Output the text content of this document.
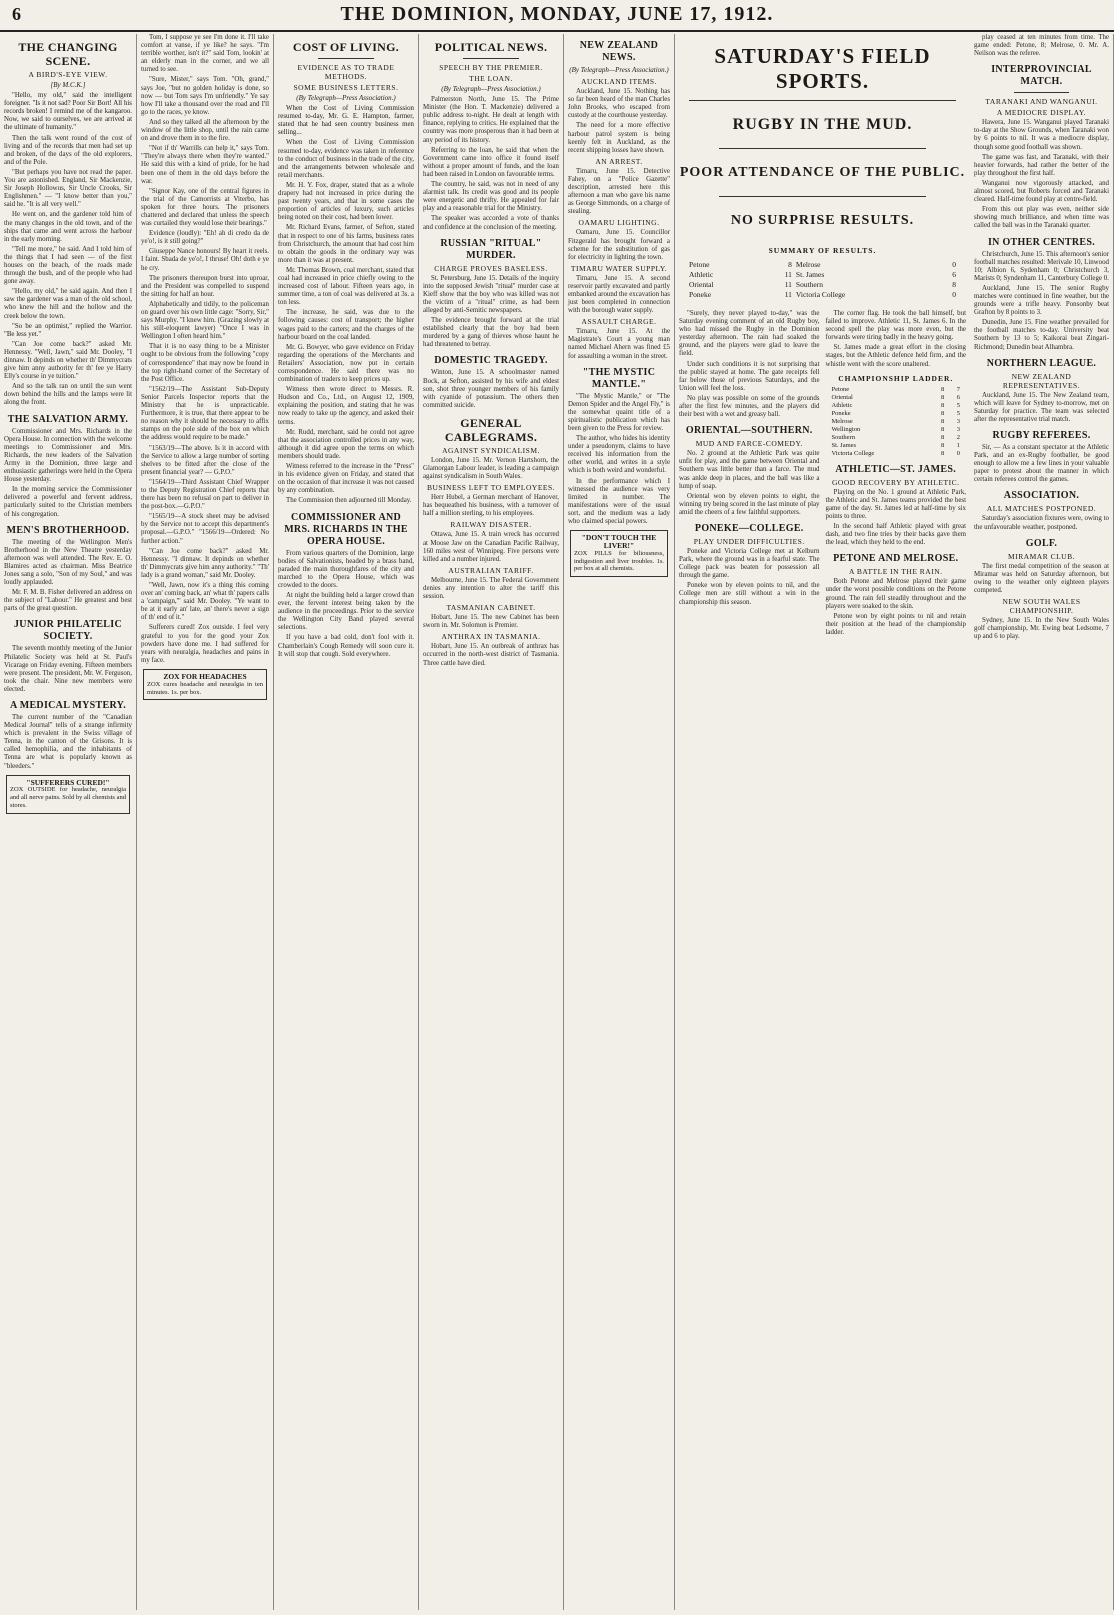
6	THE DOMINION, MONDAY, JUNE 17, 1912.
THE CHANGING SCENE.
A BIRD'S-EYE VIEW.
[By M.C.K.]

"Hello, my old," said the intelligent foreigner. "Is it not sad? Poor Sir Bort! All his records broken! I remind me of the kangaroo. Now, we said to ourselves, we are arrived at the ultimate of humanity."

Then the talk went round of the cost of living and of the records that men had set up and broken, of the days of the old explorers, and of the Pole.

"But perhaps you have not read the paper. You are astonished. England, Sir Mackenzie, Sir Joseph Hollowus, Sir Uncle Crooks, Sir Englishmen." — "I know better than you," said he. "It is all very well."

He went on, and the gardener told him of the many changes in the old town, and of the ships that came and went across the harbour in the early morning.

"Tell me more," he said. And I told him of the things that I had seen — of the first houses on the beach, of the roads made through the bush, and of the people who had gone away.

"Hello, my old," he said again. And then I saw the gardener was a man of the old school, who knew the hill and the hollow and the creek below the town.

"So be an optimist," replied the Warrior. "Be less yet."

"Can Joe come back?" asked Mr. Hennessy. "Well, Jawn," said Mr. Dooley, "I dinnaw. It depinds on whether th' Dimmycrats give him anny authority fer th' fee ye Harry Elly's course in ye tuition."

And so the talk ran on until the sun went down behind the hills and the lamps were lit along the front.

THE SALVATION ARMY.

Commissioner and Mrs. Richards in the Opera House. In connection with the welcome meetings to Commissioner and Mrs. Richards, the new leaders of the Salvation Army in the Dominion, three large and enthusiastic gatherings were held in the Opera House yesterday.

In the morning service the Commissioner delivered a powerful and fervent address, particularly suited to the Christian members of his congregation.

MEN'S BROTHERHOOD.

The meeting of the Wellington Men's Brotherhood in the New Theatre yesterday afternoon was well attended. The Rev. E. O. Blamires acted as chairman. Miss Beatrice Jones sang a solo, "Son of my Soul," and was loudly applauded.

Mr. F. M. B. Fisher delivered an address on the subject of "Labour." He greatest and best parts of the great question.

JUNIOR PHILATELIC SOCIETY.

The seventh monthly meeting of the Junior Philatelic Society was held at St. Paul's Vicarage on Friday evening. Fifteen members were present. The president, Mr. W. Ferguson, took the chair. Nine new members were elected.

A MEDICAL MYSTERY.

The current number of the "Canadian Medical Journal" tells of a strange infirmity which is prevalent in the Swiss village of Tenna, in the canton of the Grisons. It is called hemophilia, and the inhabitants of Tenna are what is popularly known as "bleeders."

"SUFFERERS CURED!"
ZOX OUTSIDE for headache, neuralgia and all nerve pains. Sold by all chemists and stores.

Tom, I suppose ye see I'm done it. I'll take comfort at vanse, if ye like? he says. "I'm terrible worther, isn't it?" said Tom, lookin' at an elderly man in the corner, and we all turned to see.

"Sure, Mister," says Tom. "Oh, grand," says Joe, "but no golden holiday is done, so now — but Tom says I'm unfriendly." Ye say how I'll take a thousand over the road and I'll go to the races, ye know.

And so they talked all the afternoon by the window of the little shop, until the rain came on and drove them in to the fire.

"Not if th' Warrills can help it," says Tom. "They're always there when they're wanted." He said this with a kind of pride, for he had been one of them in the old days before the war.

"Signor Kay, one of the central figures in the trial of the Camorrists at Viterbo, has spoken for three hours. The prisoners chattered and declared that unless the speech was curtailed they would lose their bearings."

Evidence (loudly): "Eh! ah di credo da de ye'o!, is it still going?"

Giuseppe Nance honours! By heart it reels. I faint. Sbada de ye'o!, I thruse! Oh! doth e ye he cry.

The prisoners thereupon burst into uproar, and the President was compelled to suspend the sitting for half an hour.

Alphabetically and tidily, to the policeman on guard over his own little cage: "Sorry, Sir," says Murphy. "I knew him. (Grazing slowly at his still-eloquent lawyer) "Once I was in Wellington I often heard him."

That it is no easy thing to be a Minister ought to be obvious from the following "copy of correspondence" that may now be found in the top right-hand corner of the Secretary of the Post Office.

"1562/19—The Assistant Sub-Deputy Senior Parcels Inspector reports that the Ministry that he is unpracticable. Furthermore, it is true, that there appear to be no reason why it should be necessary to affix stamps on the pole side of the box on which the address would require to be made."

"1563/19—The above. Is it in accord with the Service to allow a large number of sorting shelves to be fitted after the close of the present financial year? — G.P.O."

"1564/19—Third Assistant Chief Wrapper to the Deputy Registration Chief reports that there has been no refusal on part to deliver in the post-box.—G.P.O."

"1565/19—A stock sheet may be advised by the Service not to accept this department's proposal.—G.P.O." "1566/19—Ordered: No further action."

"Can Joe come back?" asked Mr. Hennessy. "I dinnaw. It depinds on whether th' Dimmycrats give him anny authority." "Th' lady is a grand woman," said Mr. Dooley.

"Well, Jawn, now it's a thing this coming over an' coming back, an' what th' papers calls a 'campaign,'" said Mr. Dooley. "Ye want to be at it early an' late, an' there's never a sign of th' end of it."

Sufferers cured! Zox outside. I feel very grateful to you for the good your Zox powders have done me. I had suffered for years with neuralgia, headaches and pains in my face.

ZOX FOR HEADACHES
ZOX cures headache and neuralgia in ten minutes. 1s. per box.
COST OF LIVING.
EVIDENCE AS TO TRADE METHODS.
SOME BUSINESS LETTERS.
(By Telegraph—Press Association.)

When the Cost of Living Commission resumed to-day, Mr. G. E. Hampton, farmer, stated that he had seen country business men selling...

When the Cost of Living Commission resumed to-day, evidence was taken in reference to the conduct of business in the trade of the city, and the arrangements between wholesale and retail merchants.

Mr. H. Y. Fox, draper, stated that as a whole drapery had not increased in price during the past twenty years, and that in some cases the proportion of articles of luxury, such articles being noted on their cost, had been lower.

Mr. Richard Evans, farmer, of Sefton, stated that in respect to one of his farms, business rates from Christchurch, the amount that had cost him to obtain the goods in the ordinary way was more than it was at present.

Mr. Thomas Brown, coal merchant, stated that coal had increased in price chiefly owing to the increased cost of labour. Fifteen years ago, in summer time, a ton of coal was delivered at 3s. a ton less.

The increase, he said, was due to the following causes: cost of transport; the higher wages paid to the carters; and the charges of the harbour board on the coal landed.

Mr. G. Bowyer, who gave evidence on Friday regarding the operations of the Merchants and Retailers' Association, now put in certain correspondence. He said there was no combination of traders to keep prices up.

Witness then wrote direct to Messrs. R. Hudson and Co., Ltd., on August 12, 1909, explaining the position, and stating that he was now ready to take up the agency, and asked their terms.

Mr. Rudd, merchant, said he could not agree that the association controlled prices in any way, although it did agree upon the terms on which members should trade.

Witness referred to the increase in the "Press" in his evidence given on Friday, and stated that on the occasion of that increase it was not caused by any combination.

The Commission then adjourned till Monday.

COMMISSIONER AND MRS. RICHARDS IN THE OPERA HOUSE.

From various quarters of the Dominion, large bodies of Salvationists, headed by a brass band, paraded the main thoroughfares of the city and marched to the Opera House, which was crowded to the doors.

At night the building held a larger crowd than ever, the fervent interest being taken by the audience in the proceedings. Prior to the service the Wellington City Band played several selections.

If you have a bad cold, don't fool with it. Chamberlain's Cough Remedy will soon cure it. It will stop that cough. Sold everywhere.

POLITICAL NEWS.
SPEECH BY THE PREMIER.
THE LOAN.
(By Telegraph—Press Association.)

Palmerston North, June 15. The Prime Minister (the Hon. T. Mackenzie) delivered a public address to-night. He dealt at length with finance, replying to critics. He explained that the country was more prosperous than it had been at any period of its history.

Referring to the loan, he said that when the Government came into office it found itself without a proper amount of funds, and the loan had been raised in London on favourable terms.

The country, he said, was not in need of any alarmist talk. Its credit was good and its people were energetic and thrifty. He appealed for fair play and a reasonable trial for the Ministry.

The speaker was accorded a vote of thanks and confidence at the conclusion of the meeting.

RUSSIAN "RITUAL" MURDER.
CHARGE PROVES BASELESS.

St. Petersburg, June 15. Details of the inquiry into the supposed Jewish "ritual" murder case at Kieff show that the boy who was killed was not the victim of a "ritual" crime, as had been alleged by anti-Semitic newspapers.

The evidence brought forward at the trial established clearly that the boy had been murdered by a gang of thieves whose haunt he had threatened to betray.

DOMESTIC TRAGEDY.

Winton, June 15. A schoolmaster named Bock, at Sefton, assisted by his wife and eldest son, shot three younger members of his family with cyanide of potassium. The others then committed suicide.

GENERAL CABLEGRAMS.
AGAINST SYNDICALISM.

London, June 15. Mr. Vernon Hartshorn, the Glamorgan Labour leader, is leading a campaign against syndicalism in South Wales.

BUSINESS LEFT TO EMPLOYEES.

Herr Hubel, a German merchant of Hanover, has bequeathed his business, with a turnover of half a million sterling, to his employees.

RAILWAY DISASTER.

Ottawa, June 15. A train wreck has occurred at Moose Jaw on the Canadian Pacific Railway, 160 miles west of Winnipeg. Five persons were killed and a number injured.

AUSTRALIAN TARIFF.

Melbourne, June 15. The Federal Government denies any intention to alter the tariff this session.

TASMANIAN CABINET.

Hobart, June 15. The new Cabinet has been sworn in. Mr. Solomon is Premier.

ANTHRAX IN TASMANIA.

Hobart, June 15. An outbreak of anthrax has occurred in the north-west district of Tasmania. Three cattle have died.

NEW ZEALAND NEWS.
(By Telegraph—Press Association.)
AUCKLAND ITEMS.

Auckland, June 15. Nothing has so far been heard of the man Charles John Brooks, who escaped from custody at the courthouse yesterday.

The need for a more effective harbour patrol system is being keenly felt in Auckland, as the recent shipping losses have shown.

AN ARREST.

Timaru, June 15. Detective Fahey, on a "Police Gazette" description, arrested here this afternoon a man who gave his name as George Simmonds, on a charge of stealing.

OAMARU LIGHTING.

Oamaru, June 15. Councillor Fitzgerald has brought forward a scheme for the substitution of gas for electricity in lighting the town.

TIMARU WATER SUPPLY.

Timaru, June 15. A second reservoir partly excavated and partly embanked around the excavation has just been completed in connection with the borough water supply.

ASSAULT CHARGE.

Timaru, June 15. At the Magistrate's Court a young man named Michael Ahern was fined £5 for assaulting a woman in the street.

"THE MYSTIC MANTLE."

"The Mystic Mantle," or "The Demon Spider and the Angel Fly," is the somewhat quaint title of a spiritualistic publication which has been given to the Press for review.

The author, who hides his identity under a pseudonym, claims to have received his information from the other world, and writes in a style which is both weird and wonderful.

In the performance which I witnessed the audience was very limited in number. The manifestations were of the usual sort, and the medium was a lady who claimed special powers.

"DON'T TOUCH THE LIVER!"
ZOX PILLS for biliousness, indigestion and liver troubles. 1s. per box at all chemists.
SATURDAY'S FIELD SPORTS.
RUGBY IN THE MUD.
POOR ATTENDANCE OF THE PUBLIC.
NO SURPRISE RESULTS.
SUMMARY OF RESULTS.
Petone	8	Melrose	0
Athletic	11	St. James	6
Oriental	11	Southern	8
Poneke	11	Victoria College	0

"Surely, they never played to-day," was the Saturday evening comment of an old Rugby boy, who had missed the Rugby in the Dominion yesterday afternoon. The rain had soaked the ground, and the players were glad to leave the field.

Under such conditions it is not surprising that the public stayed at home. The gate receipts fell far below those of previous Saturdays, and the Union will feel the loss.

No play was possible on some of the grounds after the first few minutes, and the players did their best with a wet and greasy ball.

ORIENTAL—SOUTHERN.
MUD AND FARCE-COMEDY.

No. 2 ground at the Athletic Park was quite unfit for play, and the game between Oriental and Southern was little better than a farce. The mud was ankle deep in places, and the ball was like a lump of soap.

Oriental won by eleven points to eight, the winning try being scored in the last minute of play amid the cheers of a few faithful supporters.

PONEKE—COLLEGE.
PLAY UNDER DIFFICULTIES.

Poneke and Victoria College met at Kelburn Park, where the ground was in a fearful state. The College pack was beaten for possession all through the game.

Poneke won by eleven points to nil, and the College men are still without a win in the championship this season.

The corner flag. He took the ball himself, but failed to improve. Athletic 11, St. James 6. In the second spell the play was more even, but the forwards were tiring badly in the heavy going.

St. James made a great effort in the closing stages, but the Athletic defence held firm, and the whistle went with the score unaltered.

CHAMPIONSHIP LADDER.
Petone	8	7
Oriental	8	6
Athletic	8	5
Poneke	8	5
Melrose	8	3
Wellington	8	3
Southern	8	2
St. James	8	1
Victoria College	8	0
ATHLETIC—ST. JAMES.
GOOD RECOVERY BY ATHLETIC.

Playing on the No. 1 ground at Athletic Park, the Athletic and St. James teams provided the best game of the day. St. James led at half-time by six points to three.

In the second half Athletic played with great dash, and two fine tries by their backs gave them the lead, which they held to the end.

PETONE AND MELROSE.
A BATTLE IN THE RAIN.

Both Petone and Melrose played their game under the worst possible conditions on the Petone ground. The rain fell steadily throughout and the players were soaked to the skin.

Petone won by eight points to nil and retain their position at the head of the championship ladder.

play ceased at ten minutes from time. The game ended: Petone, 8; Melrose, 0. Mr. A. Neilson was the referee.

INTERPROVINCIAL MATCH.
TARANAKI AND WANGANUI.
A MEDIOCRE DISPLAY.

Hawera, June 15. Wanganui played Taranaki to-day at the Show Grounds, when Taranaki won by 6 points to nil. It was a mediocre display, though some good football was shown.

The game was fast, and Taranaki, with their heavier forwards, had rather the better of the play throughout the first half.

Wanganui now vigorously attacked, and almost scored, but Roberts forced and Taranaki cleared. Half-time found play at centre-field.

From this out play was even, neither side showing much brilliance, and when time was called the ball was in the Taranaki quarter.

IN OTHER CENTRES.

Christchurch, June 15. This afternoon's senior football matches resulted: Merivale 10, Linwood 10; Albion 6, Sydenham 0; Christchurch 3, Marists 0; Syndenham 11, Canterbury College 0.

Auckland, June 15. The senior Rugby matches were continued in fine weather, but the grounds were a trifle heavy. Ponsonby beat Grafton by 8 points to 3.

Dunedin, June 15. Fine weather prevailed for the football matches to-day. University beat Southern by 13 to 5; Kaikorai beat Zingari-Richmond; Dunedin beat Alhambra.

NORTHERN LEAGUE.
NEW ZEALAND REPRESENTATIVES.

Auckland, June 15. The New Zealand team, which will leave for Sydney to-morrow, met on Saturday for practice. The team was selected after the representative trial match.

RUGBY REFEREES.

Sir, — As a constant spectator at the Athletic Park, and an ex-Rugby footballer, be good enough to allow me a few lines in your valuable paper to protest about the manner in which certain referees control the games.

ASSOCIATION.
ALL MATCHES POSTPONED.

Saturday's association fixtures were, owing to the unfavourable weather, postponed.

GOLF.
MIRAMAR CLUB.

The first medal competition of the season at Miramar was held on Saturday afternoon, but owing to the weather only eighteen players competed.

NEW SOUTH WALES CHAMPIONSHIP.

Sydney, June 15. In the New South Wales golf championship, Mr. Ewing beat Ledsome, 7 up and 6 to play.
